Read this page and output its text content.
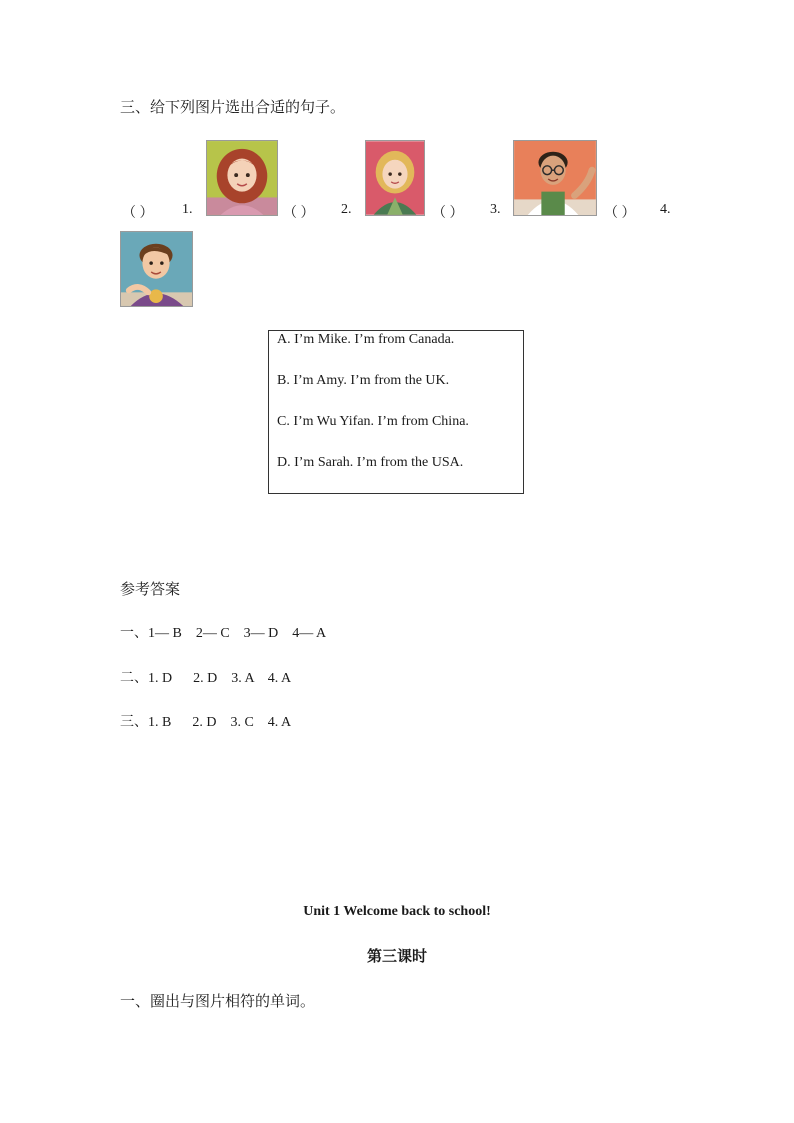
三、给下列图片选出合适的句子。
（ ） 1.	（ ） 2.	（ ） 3.	（ ） 4.
A. I’m Mike. I’m from Canada.
B. I’m Amy. I’m from the UK.
C. I’m Wu Yifan. I’m from China.
D. I’m Sarah. I’m from the USA.
参考答案
一、1— B    2— C    3— D    4— A
二、1. D      2. D    3. A    4. A
三、1. B      2. D    3. C    4. A
Unit 1 Welcome back to school!
第三课时
一、圈出与图片相符的单词。
